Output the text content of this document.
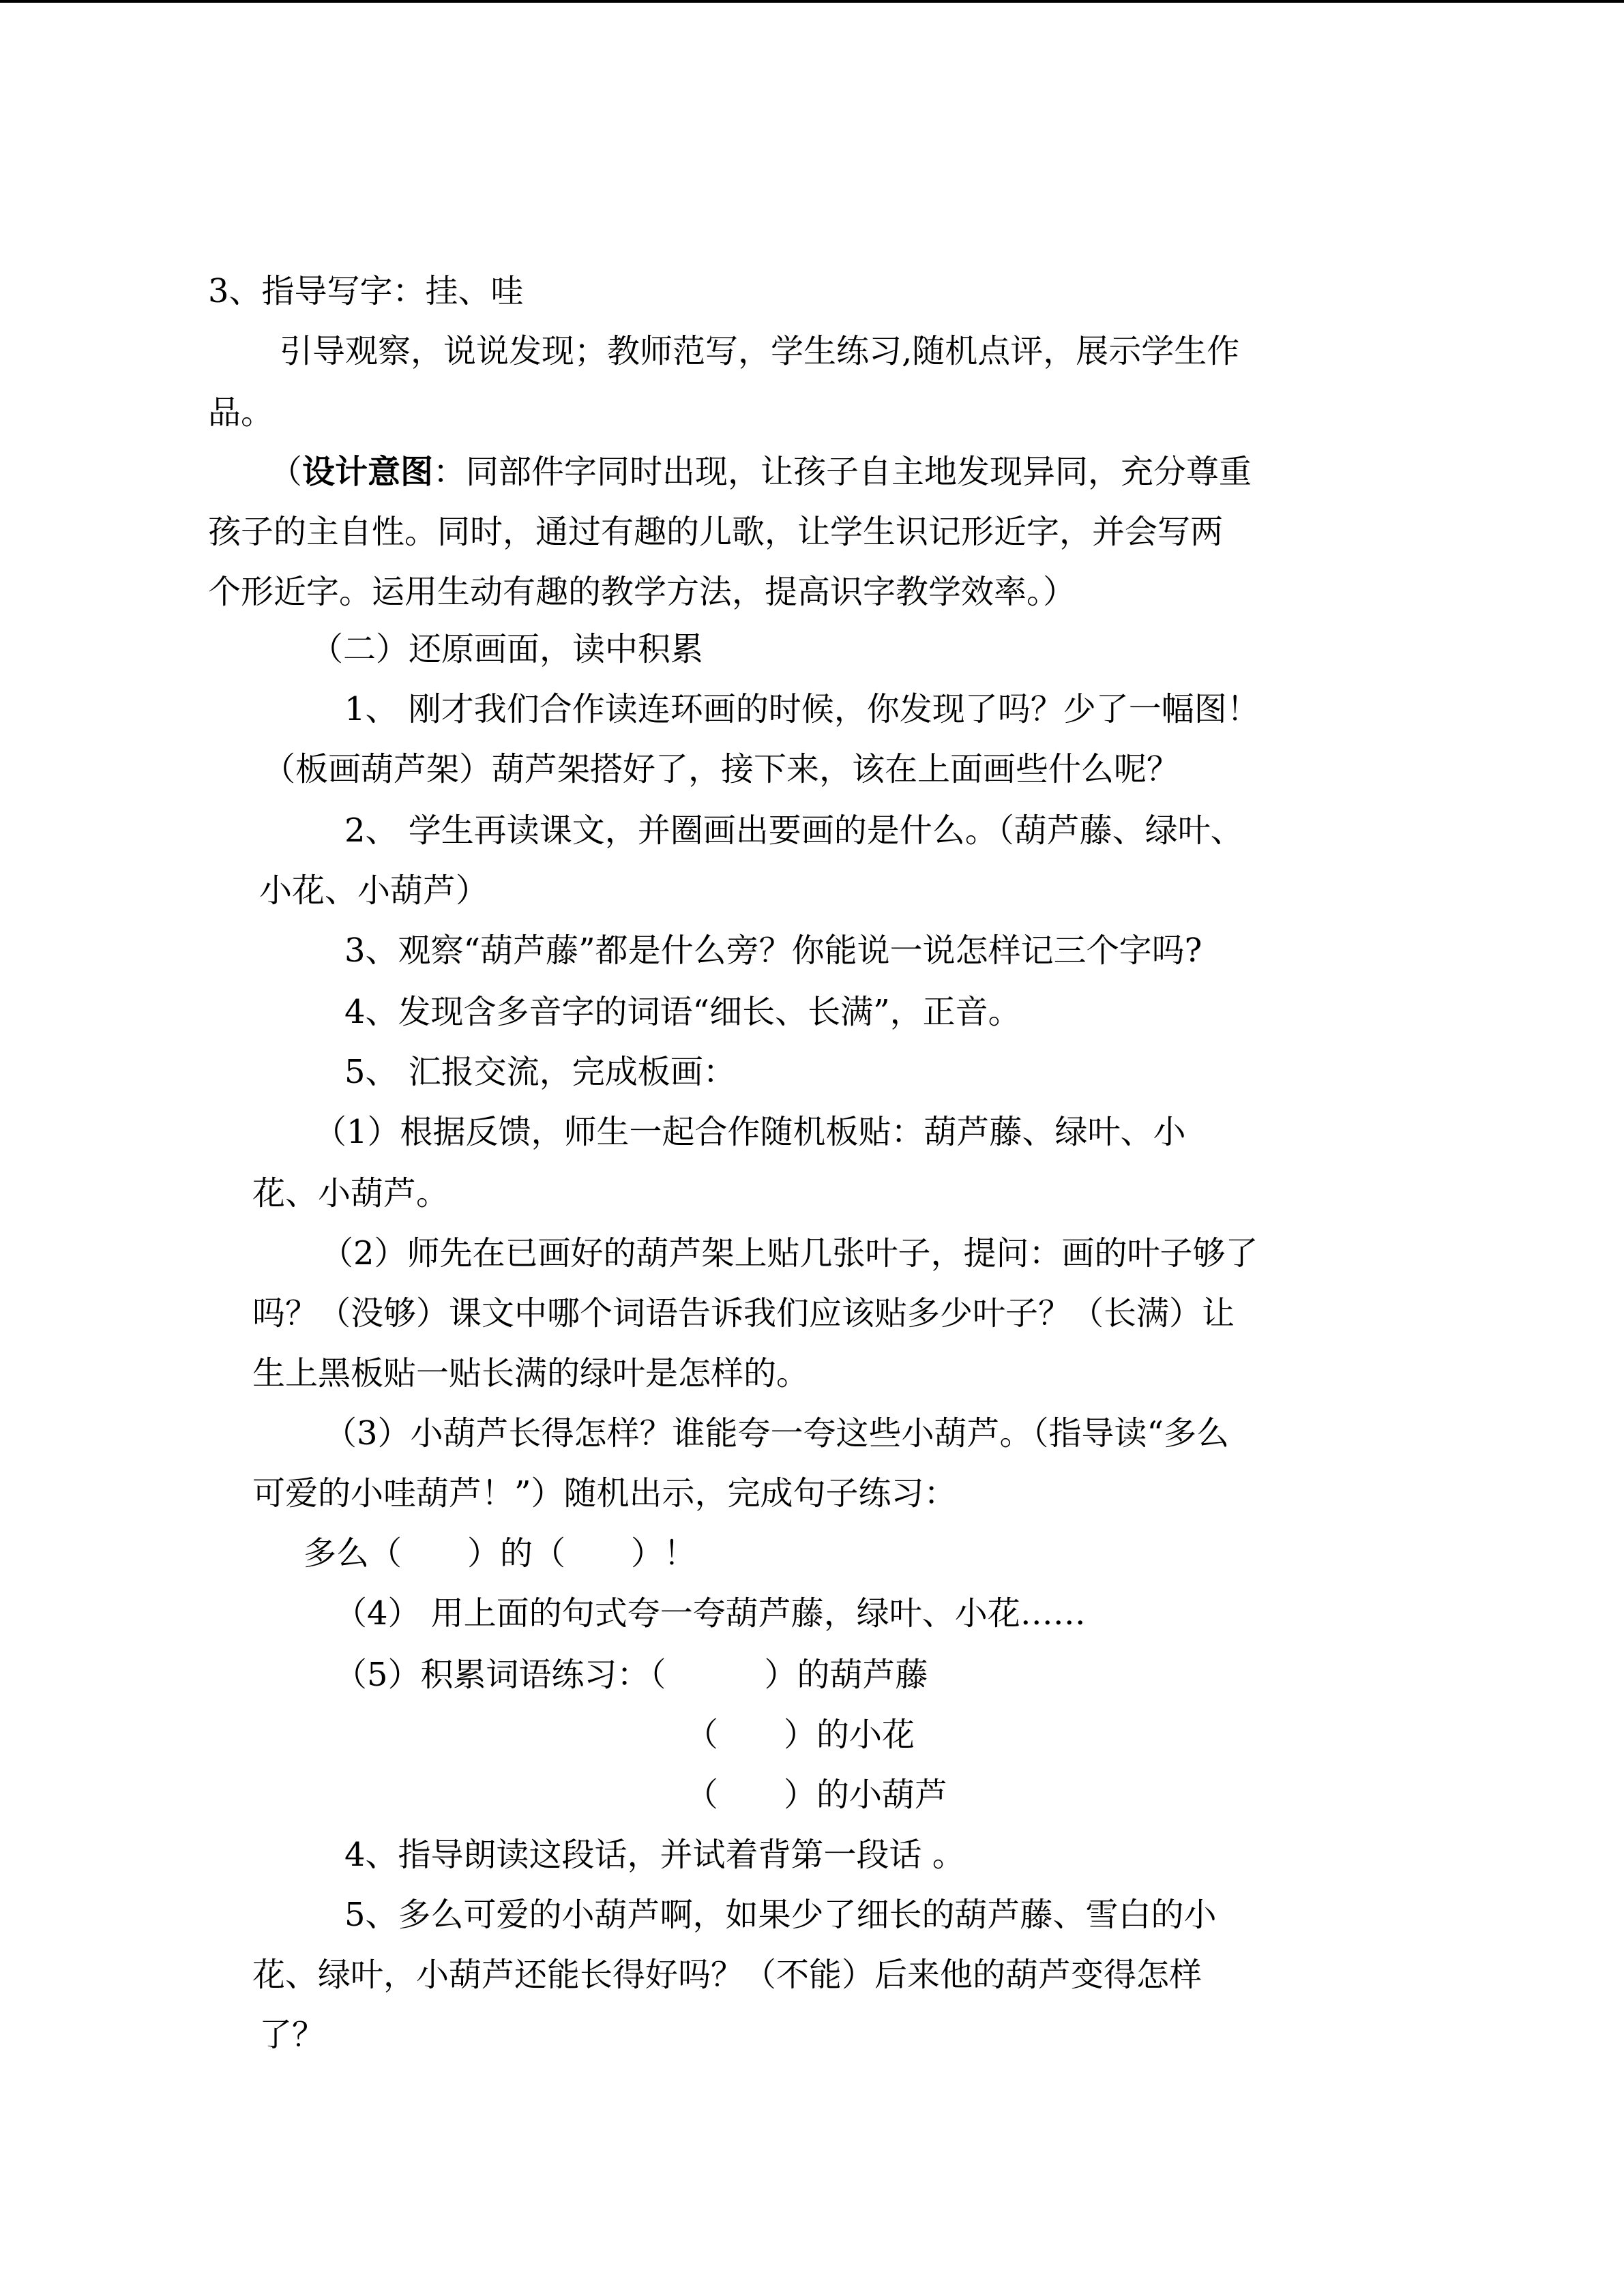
3、指导写字：挂、哇
引导观察，说说发现；教师范写，学生练习,随机点评，展示学生作
品。
（设计意图：同部件字同时出现，让孩子自主地发现异同，充分尊重
孩子的主自性。同时，通过有趣的儿歌，让学生识记形近字，并会写两
个形近字。运用生动有趣的教学方法，提高识字教学效率。）
（二）还原画面，读中积累
1、 刚才我们合作读连环画的时候，你发现了吗？少了一幅图！
（板画葫芦架）葫芦架搭好了，接下来，该在上面画些什么呢？
2、 学生再读课文，并圈画出要画的是什么。（葫芦藤、绿叶、
小花、小葫芦）
3、观察“葫芦藤”都是什么旁？你能说一说怎样记三个字吗?
4、发现含多音字的词语“细长、长满”，正音。
5、 汇报交流，完成板画：
（1）根据反馈，师生一起合作随机板贴：葫芦藤、绿叶、小
花、小葫芦。
（2）师先在已画好的葫芦架上贴几张叶子，提问：画的叶子够了
吗？（没够）课文中哪个词语告诉我们应该贴多少叶子？（长满）让
生上黑板贴一贴长满的绿叶是怎样的。
（3）小葫芦长得怎样？谁能夸一夸这些小葫芦。（指导读“多么
可爱的小哇葫芦！”）随机出示，完成句子练习：
多么（　　）的（　　）！
（4） 用上面的句式夸一夸葫芦藤，绿叶、小花……
（5）积累词语练习：（　　　）的葫芦藤
（　　）的小花
（　　）的小葫芦
4、指导朗读这段话，并试着背第一段话 。
5、多么可爱的小葫芦啊，如果少了细长的葫芦藤、雪白的小
花、绿叶，小葫芦还能长得好吗？（不能）后来他的葫芦变得怎样
了？
